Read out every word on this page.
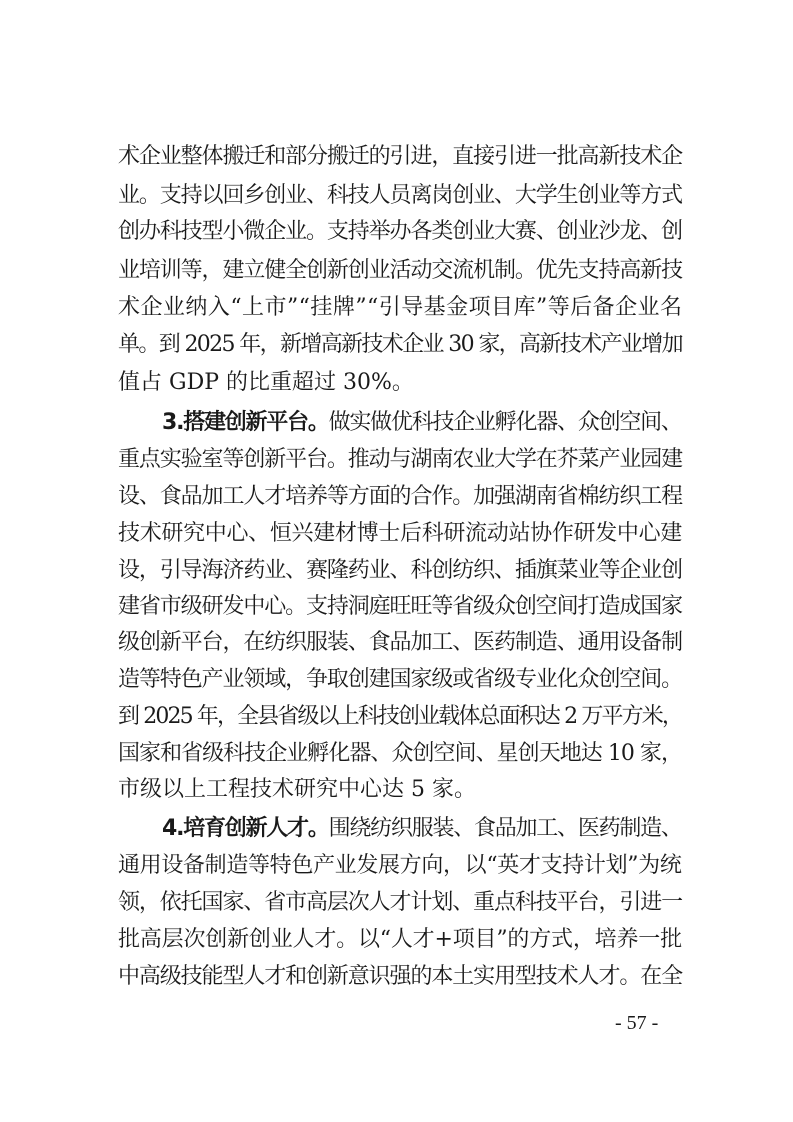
术企业整体搬迁和部分搬迁的引进，直接引进一批高新技术企
业。支持以回乡创业、科技人员离岗创业、大学生创业等方式
创办科技型小微企业。支持举办各类创业大赛、创业沙龙、创
业培训等，建立健全创新创业活动交流机制。优先支持高新技
术企业纳入“上市”“挂牌”“引导基金项目库”等后备企业名
单。到 2025 年，新增高新技术企业 30 家，高新技术产业增加
值占 GDP 的比重超过 30%。
3.搭建创新平台。做实做优科技企业孵化器、众创空间、
重点实验室等创新平台。推动与湖南农业大学在芥菜产业园建
设、食品加工人才培养等方面的合作。加强湖南省棉纺织工程
技术研究中心、恒兴建材博士后科研流动站协作研发中心建
设，引导海济药业、赛隆药业、科创纺织、插旗菜业等企业创
建省市级研发中心。支持洞庭旺旺等省级众创空间打造成国家
级创新平台，在纺织服装、食品加工、医药制造、通用设备制
造等特色产业领域，争取创建国家级或省级专业化众创空间。
到 2025 年，全县省级以上科技创业载体总面积达 2 万平方米，
国家和省级科技企业孵化器、众创空间、星创天地达 10 家，
市级以上工程技术研究中心达 5 家。
4.培育创新人才。围绕纺织服装、食品加工、医药制造、
通用设备制造等特色产业发展方向，以“英才支持计划”为统
领，依托国家、省市高层次人才计划、重点科技平台，引进一
批高层次创新创业人才。以“人才+项目”的方式，培养一批
中高级技能型人才和创新意识强的本土实用型技术人才。在全
- 57 -
